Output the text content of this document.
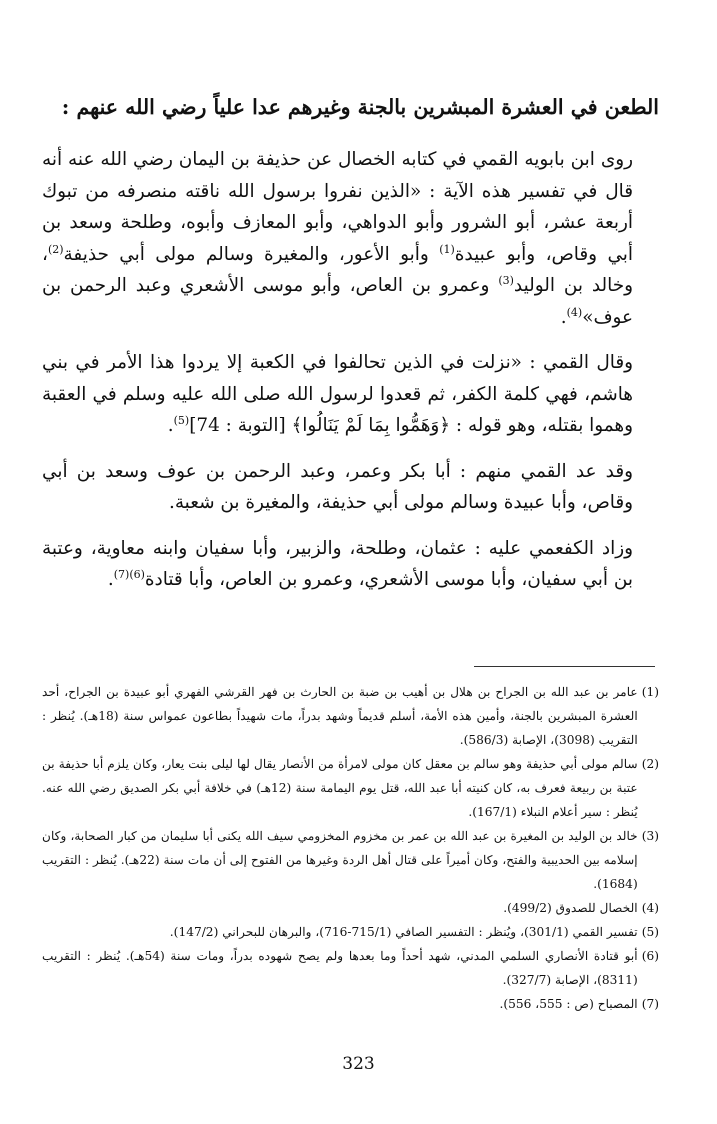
الطعن في العشرة المبشرين بالجنة وغيرهم عدا علياً رضي الله عنهم :

روى ابن بابويه القمي في كتابه الخصال عن حذيفة بن اليمان رضي الله عنه أنه قال في تفسير هذه الآية : «الذين نفروا برسول الله ناقته منصرفه من تبوك أربعة عشر، أبو الشرور وأبو الدواهي، وأبو المعازف وأبوه، وطلحة وسعد بن أبي وقاص، وأبو عبيدة$^{(1)}$ وأبو الأعور، والمغيرة وسالم مولى أبي حذيفة$^{(2)}$، وخالد بن الوليد$^{(3)}$ وعمرو بن العاص، وأبو موسى الأشعري وعبد الرحمن بن عوف»$^{(4)}$.

وقال القمي : «نزلت في الذين تحالفوا في الكعبة إلا يردوا هذا الأمر في بني هاشم، فهي كلمة الكفر، ثم قعدوا لرسول الله صلى الله عليه وسلم في العقبة وهموا بقتله، وهو قوله : ﴿وَهَمُّوا بِمَا لَمْ يَنَالُوا﴾ [التوبة : 74]$^{(5)}$.

وقد عد القمي منهم : أبا بكر وعمر، وعبد الرحمن بن عوف وسعد بن أبي وقاص، وأبا عبيدة وسالم مولى أبي حذيفة، والمغيرة بن شعبة.

وزاد الكفعمي عليه : عثمان، وطلحة، والزبير، وأبا سفيان وابنه معاوية، وعتبة بن أبي سفيان، وأبا موسى الأشعري، وعمرو بن العاص، وأبا قتادة$^{(6)(7)}$.

(1)
عامر بن عبد الله بن الجراح بن هلال بن أهيب بن ضبة بن الحارث بن فهر القرشي الفهري أبو عبيدة بن الجراح، أحد العشرة المبشرين بالجنة، وأمين هذه الأمة، أسلم قديماً وشهد بدراً، مات شهيداً بطاعون عمواس سنة (18هـ). يُنظر : التقريب (3098)، الإصابة (586/3).
(2)
سالم مولى أبي حذيفة وهو سالم بن معقل كان مولى لامرأة من الأنصار يقال لها ليلى بنت يعار، وكان يلزم أبا حذيفة بن عتبة بن ربيعة فعرف به، كان كنيته أبا عبد الله، قتل يوم اليمامة سنة (12هـ) في خلافة أبي بكر الصديق رضي الله عنه. يُنظر : سير أعلام النبلاء (167/1).
(3)
خالد بن الوليد بن المغيرة بن عبد الله بن عمر بن مخزوم المخزومي سيف الله يكنى أبا سليمان من كبار الصحابة، وكان إسلامه بين الحديبية والفتح، وكان أميراً على قتال أهل الردة وغيرها من الفتوح إلى أن مات سنة (22هـ). يُنظر : التقريب (1684).
(4)
الخصال للصدوق (499/2).
(5)
تفسير القمي (301/1)، ويُنظر : التفسير الصافي (715/1-716)، والبرهان للبحراني (147/2).
(6)
أبو قتادة الأنصاري السلمي المدني، شهد أحداً وما بعدها ولم يصح شهوده بدراً، ومات سنة (54هـ). يُنظر : التقريب (8311)، الإصابة (327/7).
(7)
المصباح (ص : 555، 556).
323
